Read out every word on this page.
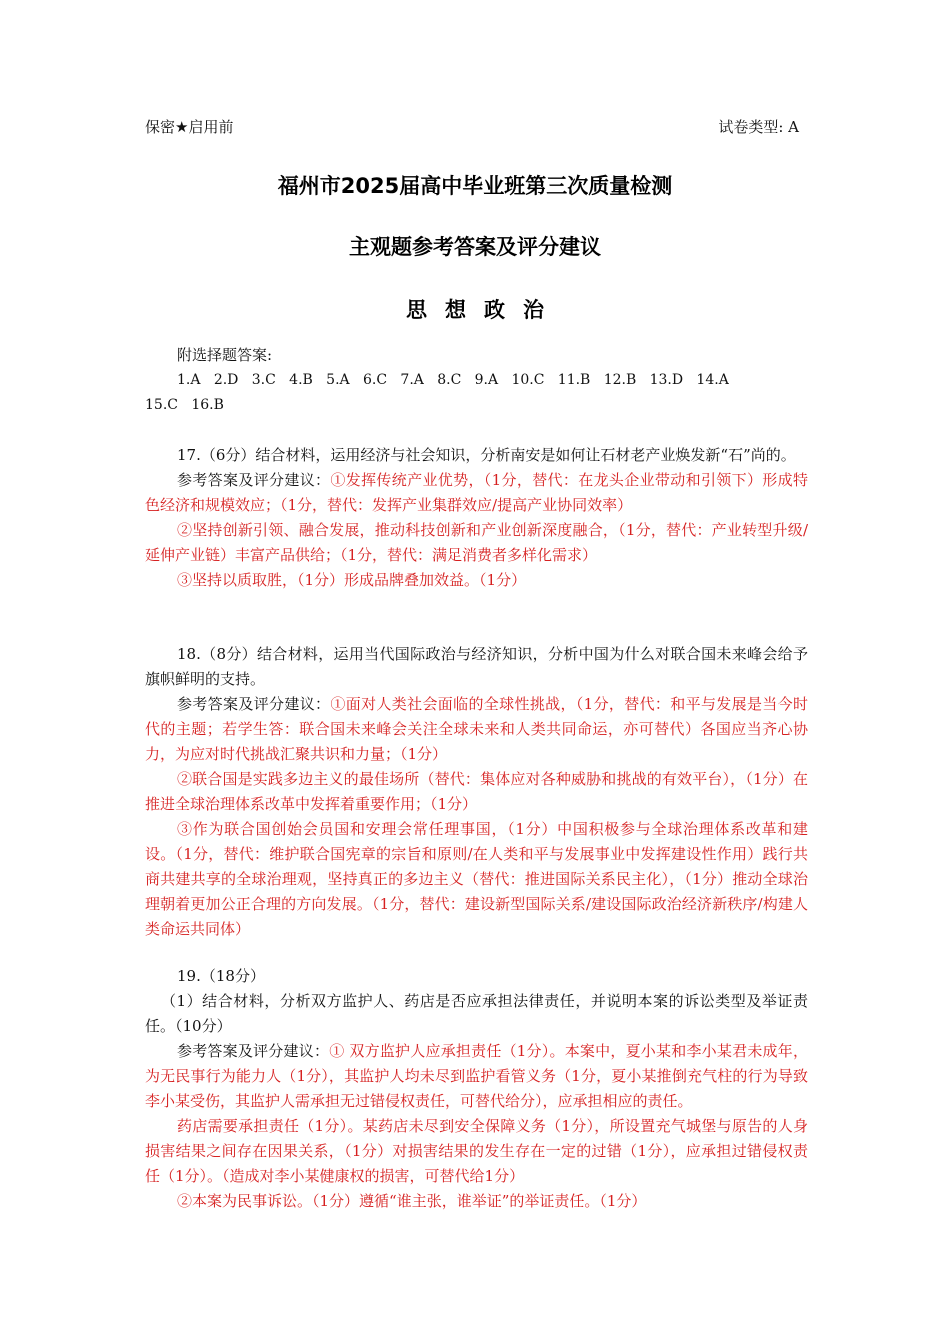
保密★启用前	试卷类型: A
福州市2025届高中毕业班第三次质量检测
主观题参考答案及评分建议
思想政治

附选择题答案:

1.A   2.D   3.C   4.B   5.A   6.C   7.A   8.C   9.A   10.C   11.B   12.B   13.D   14.A

15.C   16.B

17.（6分）结合材料，运用经济与社会知识，分析南安是如何让石材老产业焕发新“石”尚的。

参考答案及评分建议：①发挥传统产业优势，（1分，替代：在龙头企业带动和引领下）形成特色经济和规模效应；（1分，替代：发挥产业集群效应/提高产业协同效率）

②坚持创新引领、融合发展，推动科技创新和产业创新深度融合，（1分，替代：产业转型升级/延伸产业链）丰富产品供给；（1分，替代：满足消费者多样化需求）

③坚持以质取胜，（1分）形成品牌叠加效益。（1分）

18.（8分）结合材料，运用当代国际政治与经济知识，分析中国为什么对联合国未来峰会给予旗帜鲜明的支持。

参考答案及评分建议：①面对人类社会面临的全球性挑战，（1分，替代：和平与发展是当今时代的主题；若学生答：联合国未来峰会关注全球未来和人类共同命运，亦可替代）各国应当齐心协力，为应对时代挑战汇聚共识和力量；（1分）

②联合国是实践多边主义的最佳场所（替代：集体应对各种威胁和挑战的有效平台），（1分）在推进全球治理体系改革中发挥着重要作用；（1分）

③作为联合国创始会员国和安理会常任理事国，（1分）中国积极参与全球治理体系改革和建设。（1分，替代：维护联合国宪章的宗旨和原则/在人类和平与发展事业中发挥建设性作用）践行共商共建共享的全球治理观，坚持真正的多边主义（替代：推进国际关系民主化），（1分）推动全球治理朝着更加公正合理的方向发展。（1分，替代：建设新型国际关系/建设国际政治经济新秩序/构建人类命运共同体）

19.（18分）

（1）结合材料，分析双方监护人、药店是否应承担法律责任，并说明本案的诉讼类型及举证责任。（10分）

参考答案及评分建议：① 双方监护人应承担责任（1分）。本案中，夏小某和李小某君未成年，为无民事行为能力人（1分），其监护人均未尽到监护看管义务（1分，夏小某推倒充气柱的行为导致李小某受伤，其监护人需承担无过错侵权责任，可替代给分），应承担相应的责任。

药店需要承担责任（1分）。某药店未尽到安全保障义务（1分），所设置充气城堡与原告的人身损害结果之间存在因果关系，（1分）对损害结果的发生存在一定的过错（1分），应承担过错侵权责任（1分）。（造成对李小某健康权的损害，可替代给1分）

②本案为民事诉讼。（1分）遵循“谁主张，谁举证”的举证责任。（1分）
